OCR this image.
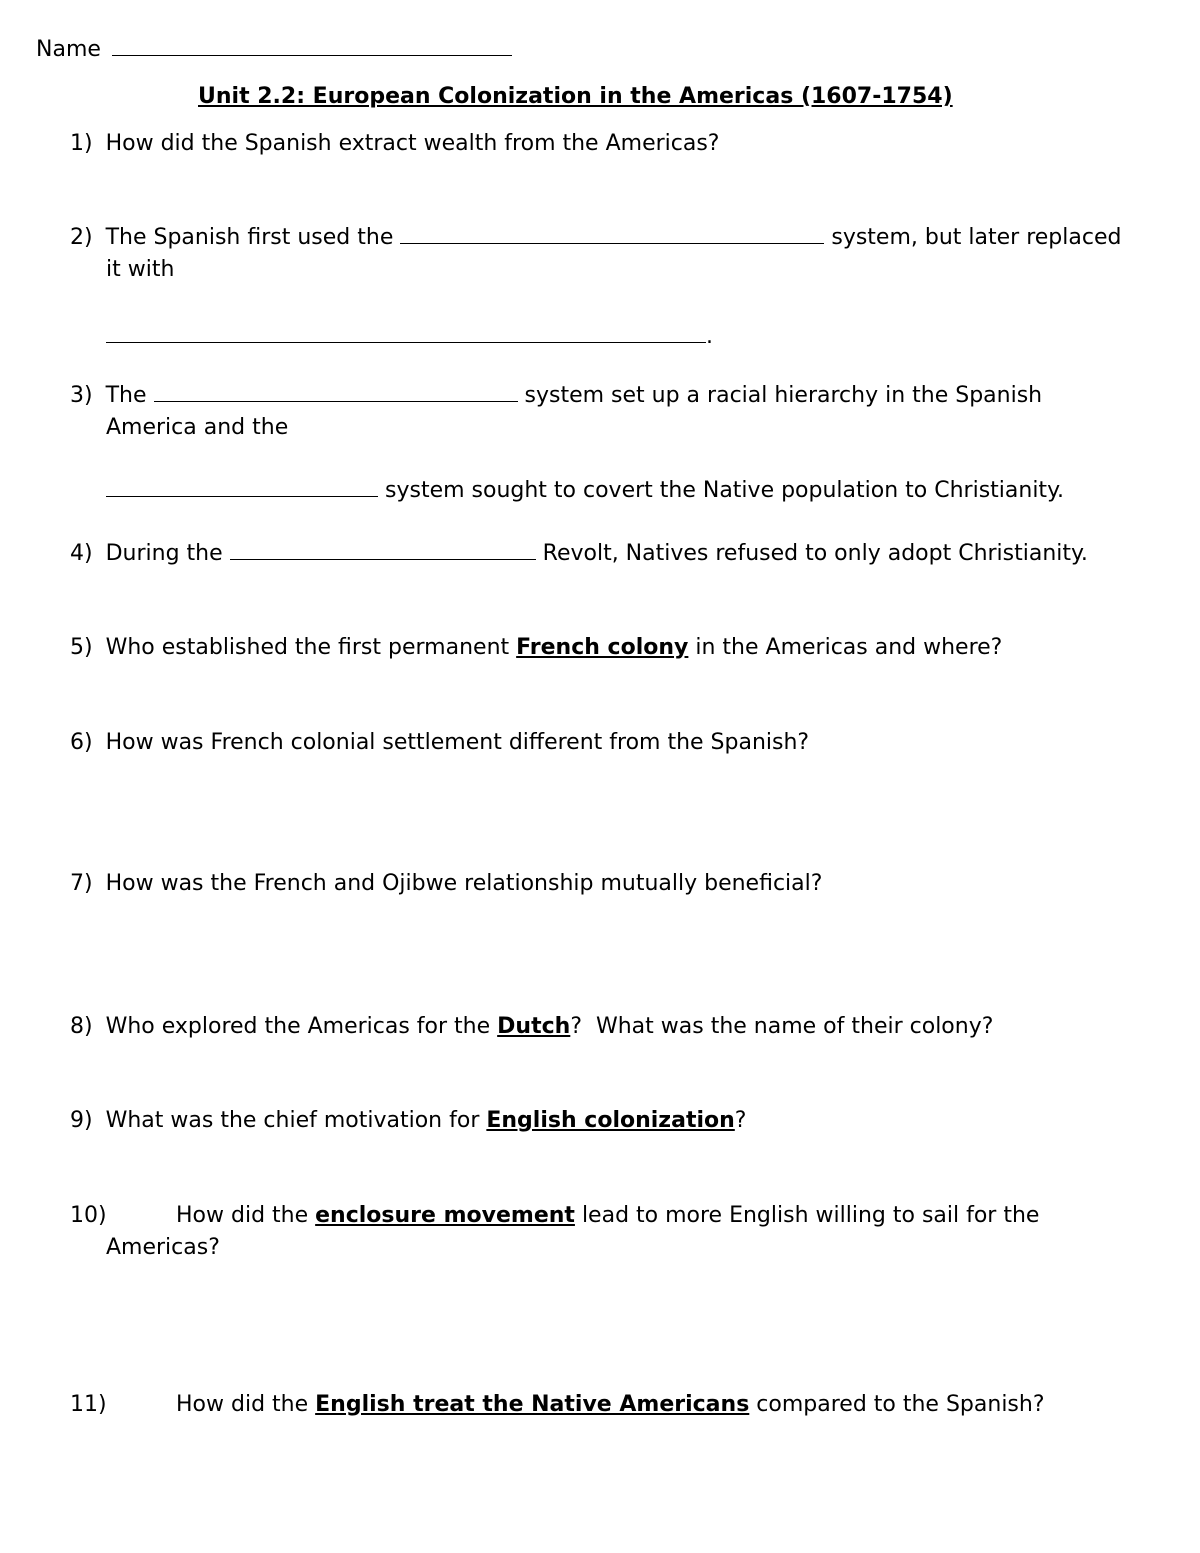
Name
Unit 2.2: European Colonization in the Americas (1607-1754)
1) How did the Spanish extract wealth from the Americas?
2) The Spanish first used the	system, but later replaced
it with
.
3) The	system set up a racial hierarchy in the Spanish
America and the
system sought to covert the Native population to Christianity.
4) During the	Revolt, Natives refused to only adopt Christianity.
5) Who established the first permanent French colony in the Americas and where?
6) How was French colonial settlement different from the Spanish?
7) How was the French and Ojibwe relationship mutually beneficial?
8) Who explored the Americas for the Dutch?  What was the name of their colony?
9) What was the chief motivation for English colonization?
10)	How did the enclosure movement lead to more English willing to sail for the
Americas?
11)	How did the English treat the Native Americans compared to the Spanish?
